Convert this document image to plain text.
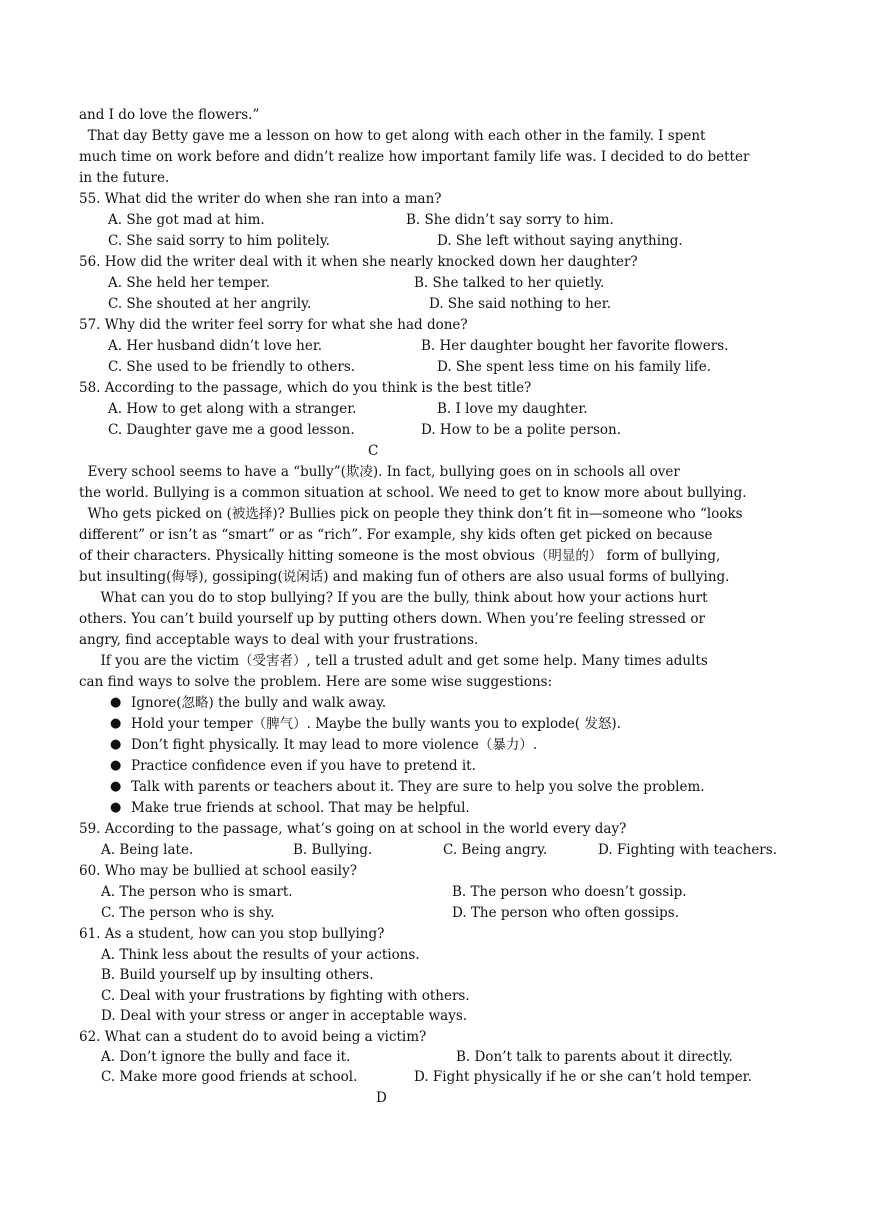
and I do love the flowers.”
That day Betty gave me a lesson on how to get along with each other in the family. I spent
much time on work before and didn’t realize how important family life was. I decided to do better
in the future.
55. What did the writer do when she ran into a man?
A. She got mad at him.	B. She didn’t say sorry to him.
C. She said sorry to him politely.	D. She left without saying anything.
56. How did the writer deal with it when she nearly knocked down her daughter?
A. She held her temper.	B. She talked to her quietly.
C. She shouted at her angrily.	D. She said nothing to her.
57. Why did the writer feel sorry for what she had done?
A. Her husband didn’t love her.	B. Her daughter bought her favorite flowers.
C. She used to be friendly to others.	D. She spent less time on his family life.
58. According to the passage, which do you think is the best title?
A. How to get along with a stranger.	B. I love my daughter.
C. Daughter gave me a good lesson.	D. How to be a polite person.
C
Every school seems to have a “bully”(欺凌). In fact, bullying goes on in schools all over
the world. Bullying is a common situation at school. We need to get to know more about bullying.
Who gets picked on (被选择)? Bullies pick on people they think don’t fit in—someone who “looks
different” or isn’t as “smart” or as “rich”. For example, shy kids often get picked on because
of their characters. Physically hitting someone is the most obvious（明显的） form of bullying,
but insulting(侮辱), gossiping(说闲话) and making fun of others are also usual forms of bullying.
What can you do to stop bullying? If you are the bully, think about how your actions hurt
others. You can’t build yourself up by putting others down. When you’re feeling stressed or
angry, find acceptable ways to deal with your frustrations.
If you are the victim（受害者）, tell a trusted adult and get some help. Many times adults
can find ways to solve the problem. Here are some wise suggestions:
● Ignore(忽略) the bully and walk away.
● Hold your temper（脾气）. Maybe the bully wants you to explode( 发怒).
● Don’t fight physically. It may lead to more violence（暴力）.
● Practice confidence even if you have to pretend it.
● Talk with parents or teachers about it. They are sure to help you solve the problem.
● Make true friends at school. That may be helpful.
59. According to the passage, what’s going on at school in the world every day?
A. Being late.	B. Bullying.	C. Being angry.	D. Fighting with teachers.
60. Who may be bullied at school easily?
A. The person who is smart.	B. The person who doesn’t gossip.
C. The person who is shy.	D. The person who often gossips.
61. As a student, how can you stop bullying?
A. Think less about the results of your actions.
B. Build yourself up by insulting others.
C. Deal with your frustrations by fighting with others.
D. Deal with your stress or anger in acceptable ways.
62. What can a student do to avoid being a victim?
A. Don’t ignore the bully and face it.	B. Don’t talk to parents about it directly.
C. Make more good friends at school.	D. Fight physically if he or she can’t hold temper.
D
